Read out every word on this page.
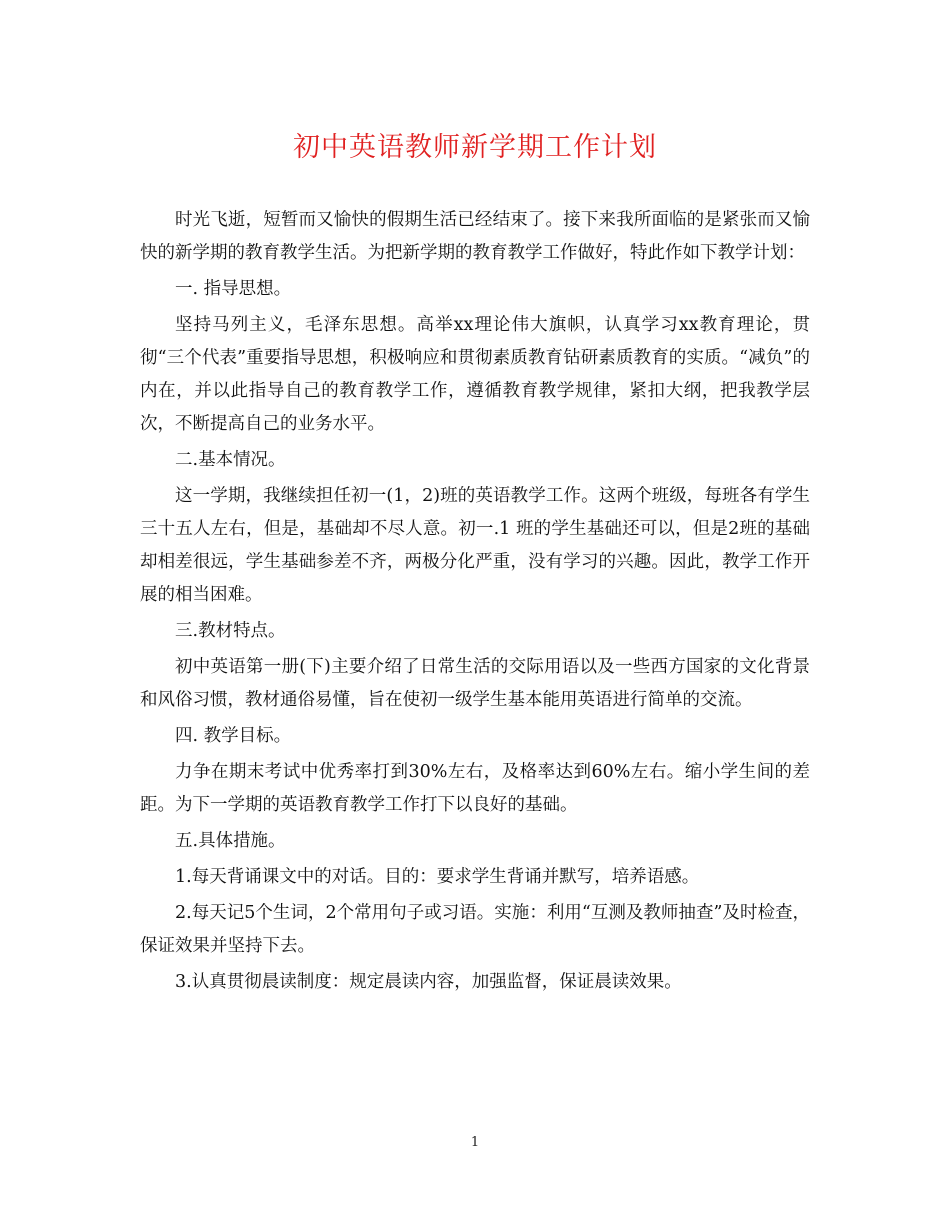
初中英语教师新学期工作计划

时光飞逝，短暂而又愉快的假期生活已经结束了。接下来我所面临的是紧张而又愉快的新学期的教育教学生活。为把新学期的教育教学工作做好，特此作如下教学计划：

一. 指导思想。

坚持马列主义，毛泽东思想。高举xx理论伟大旗帜，认真学习xx教育理论，贯彻“三个代表”重要指导思想，积极响应和贯彻素质教育钻研素质教育的实质。“减负”的内在，并以此指导自己的教育教学工作，遵循教育教学规律，紧扣大纲，把我教学层次，不断提高自己的业务水平。

二.基本情况。

这一学期，我继续担任初一(1，2)班的英语教学工作。这两个班级，每班各有学生三十五人左右，但是，基础却不尽人意。初一.1 班的学生基础还可以，但是2班的基础却相差很远，学生基础参差不齐，两极分化严重，没有学习的兴趣。因此，教学工作开展的相当困难。

三.教材特点。

初中英语第一册(下)主要介绍了日常生活的交际用语以及一些西方国家的文化背景和风俗习惯，教材通俗易懂，旨在使初一级学生基本能用英语进行简单的交流。

四. 教学目标。

力争在期末考试中优秀率打到30%左右，及格率达到60%左右。缩小学生间的差距。为下一学期的英语教育教学工作打下以良好的基础。

五.具体措施。

1.每天背诵课文中的对话。目的：要求学生背诵并默写，培养语感。

2.每天记5个生词，2个常用句子或习语。实施：利用“互测及教师抽查”及时检查，保证效果并坚持下去。

3.认真贯彻晨读制度：规定晨读内容，加强监督，保证晨读效果。

1
